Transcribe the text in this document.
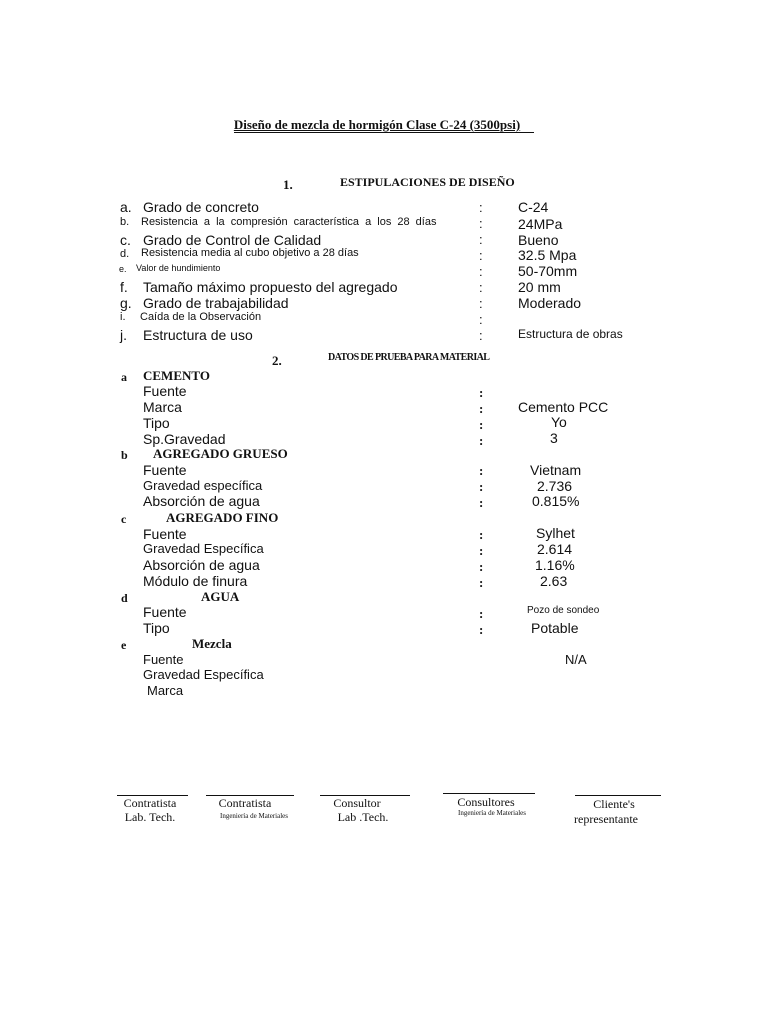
Diseño de mezcla de hormigón Clase C-24 (3500psi)
1.	ESTIPULACIONES DE DISEÑO
a. Grado de concreto	:	C-24
b. Resistencia a la compresión característica a los 28 días	:	24MPa
c. Grado de Control de Calidad	:	Bueno
d. Resistencia media al cubo objetivo a 28 días	:	32.5 Mpa
e. Valor de hundimiento	:	50-70mm
f. Tamaño máximo propuesto del agregado	:	20 mm
g. Grado de trabajabilidad	:	Moderado
i. Caída de la Observación	:
j. Estructura de uso	:	Estructura de obras
2.	DATOS DE PRUEBA PARA MATERIAL
a CEMENTO
Fuente	:
Marca	: Cemento PCC
Tipo	:	Yo
Sp.Gravedad	:	3
b AGREGADO GRUESO
Fuente	:	Vietnam
Gravedad específica	:	2.736
Absorción de agua	:	0.815%
c	AGREGADO FINO
Fuente	:	Sylhet
Gravedad Específica	:	2.614
Absorción de agua	:	1.16%
Módulo de finura	:	2.63
d	AGUA
Fuente	:	Pozo de sondeo
Tipo	:	Potable
e	Mezcla
Fuente	N/A
Gravedad Específica
Marca
Contratista
Lab. Tech.
Contratista
Ingeniería de Materiales
Consultor
Lab .Tech.
Consultores
Ingeniería de Materiales
Cliente's
representante
